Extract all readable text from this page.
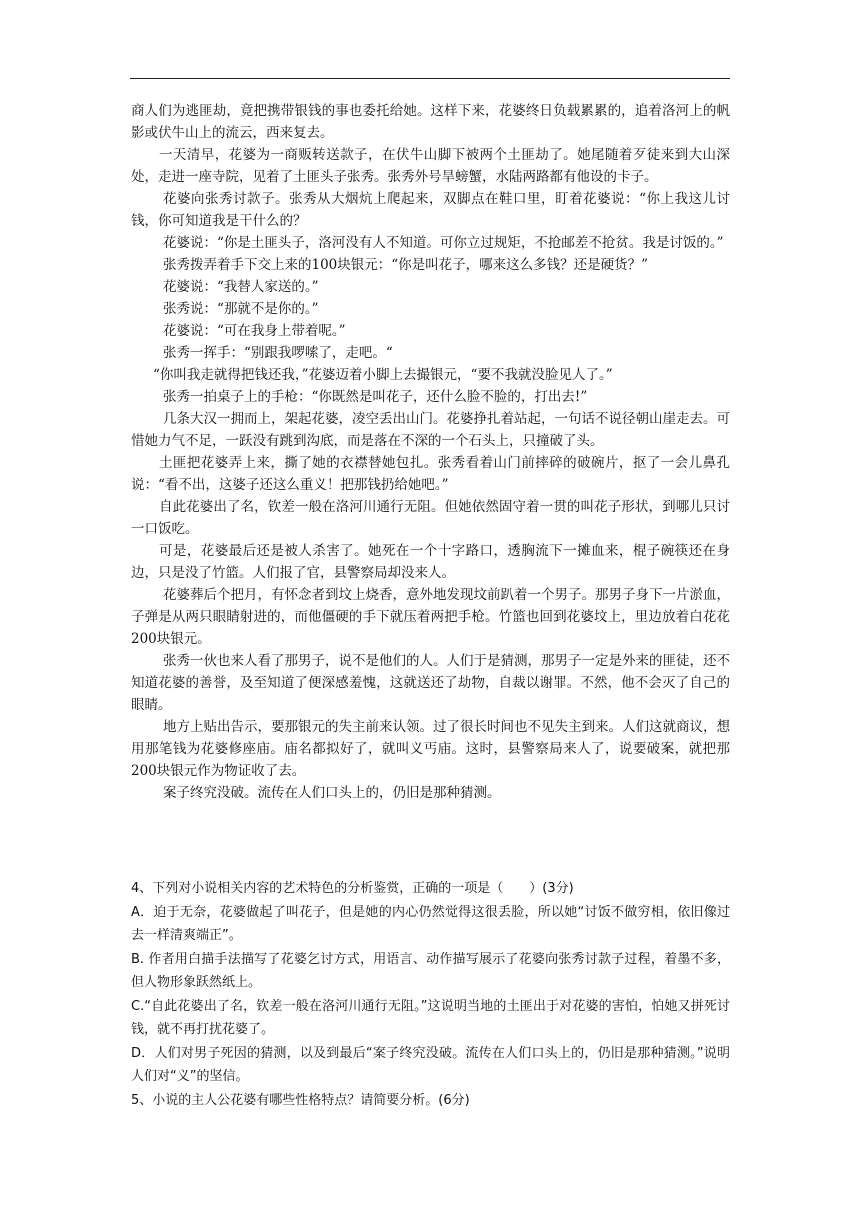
商人们为逃匪劫，竟把携带银钱的事也委托给她。这样下来，花婆终日负载累累的，追着洛河上的帆影或伏牛山上的流云，西来复去。

一天清早，花婆为一商贩转送款子，在伏牛山脚下被两个土匪劫了。她尾随着歹徒来到大山深处，走进一座寺院，见着了土匪头子张秀。张秀外号旱螃蟹，水陆两路都有他设的卡子。

花婆向张秀讨款子。张秀从大烟炕上爬起来，双脚点在鞋口里，盯着花婆说：“你上我这儿讨钱，你可知道我是干什么的？

花婆说：“你是土匪头子，洛河没有人不知道。可你立过规矩，不抢邮差不抢贫。我是讨饭的。”

张秀拨弄着手下交上来的100块银元：“你是叫花子，哪来这么多钱？还是硬货？”

花婆说：“我替人家送的。”

张秀说：“那就不是你的。”

花婆说：“可在我身上带着呢。”

张秀一挥手：“别跟我啰嗦了，走吧。“

“你叫我走就得把钱还我，”花婆迈着小脚上去撮银元，“要不我就没脸见人了。”

张秀一拍桌子上的手枪：“你既然是叫花子，还什么脸不脸的，打出去!”

几条大汉一拥而上，架起花婆，凌空丢出山门。花婆挣扎着站起，一句话不说径朝山崖走去。可惜她力气不足，一跃没有跳到沟底，而是落在不深的一个石头上，只撞破了头。

土匪把花婆弄上来，撕了她的衣襟替她包扎。张秀看着山门前摔碎的破碗片，抠了一会儿鼻孔说：“看不出，这婆子还这么重义！把那钱扔给她吧。”

自此花婆出了名，钦差一般在洛河川通行无阻。但她依然固守着一贯的叫花子形状，到哪儿只讨一口饭吃。

可是，花婆最后还是被人杀害了。她死在一个十字路口，透胸流下一摊血来，棍子碗筷还在身边，只是没了竹篮。人们报了官，县警察局却没来人。

花婆葬后个把月，有怀念者到坟上烧香，意外地发现坟前趴着一个男子。那男子身下一片淤血，子弹是从两只眼睛射进的，而他僵硬的手下就压着两把手枪。竹篮也回到花婆坟上，里边放着白花花200块银元。

张秀一伙也来人看了那男子，说不是他们的人。人们于是猜测，那男子一定是外来的匪徒，还不知道花婆的善誉，及至知道了便深感羞愧，这就送还了劫物，自裁以谢罪。不然，他不会灭了自己的眼睛。

地方上贴出告示，要那银元的失主前来认领。过了很长时间也不见失主到来。人们这就商议，想用那笔钱为花婆修座庙。庙名都拟好了，就叫义丐庙。这时，县警察局来人了，说要破案，就把那200块银元作为物证收了去。

案子终究没破。流传在人们口头上的，仍旧是那种猜测。

4、下列对小说相关内容的艺术特色的分析鉴赏，正确的一项是（　　）(3分)

A．迫于无奈，花婆做起了叫花子，但是她的内心仍然觉得这很丢脸，所以她“讨饭不做穷相，依旧像过去一样清爽端正”。

B. 作者用白描手法描写了花婆乞讨方式，用语言、动作描写展示了花婆向张秀讨款子过程，着墨不多，但人物形象跃然纸上。

C.“自此花婆出了名，钦差一般在洛河川通行无阻。”这说明当地的土匪出于对花婆的害怕，怕她又拼死讨钱，就不再打扰花婆了。

D．人们对男子死因的猜测，以及到最后“案子终究没破。流传在人们口头上的，仍旧是那种猜测。”说明人们对“义”的坚信。

5、小说的主人公花婆有哪些性格特点？请简要分析。(6分)
